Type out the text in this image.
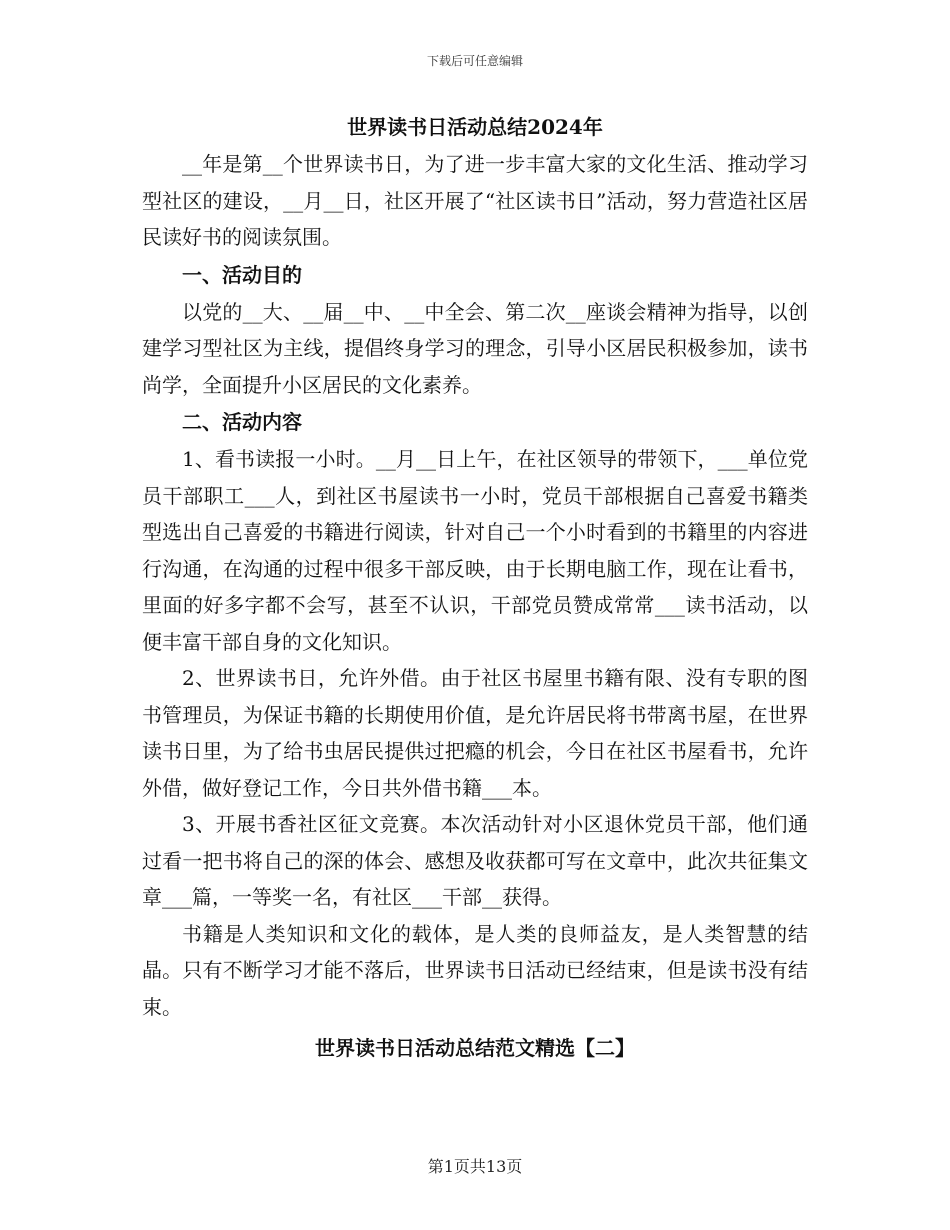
下载后可任意编辑
世界读书日活动总结2024年

__年是第__个世界读书日，为了进一步丰富大家的文化生活、推动学习型社区的建设，__月__日，社区开展了“社区读书日”活动，努力营造社区居民读好书的阅读氛围。

一、活动目的

以党的__大、__届__中、__中全会、第二次__座谈会精神为指导，以创建学习型社区为主线，提倡终身学习的理念，引导小区居民积极参加，读书尚学，全面提升小区居民的文化素养。

二、活动内容

1、看书读报一小时。__月__日上午，在社区领导的带领下，___单位党员干部职工___人，到社区书屋读书一小时，党员干部根据自己喜爱书籍类型选出自己喜爱的书籍进行阅读，针对自己一个小时看到的书籍里的内容进行沟通，在沟通的过程中很多干部反映，由于长期电脑工作，现在让看书，里面的好多字都不会写，甚至不认识，干部党员赞成常常___读书活动，以便丰富干部自身的文化知识。

2、世界读书日，允许外借。由于社区书屋里书籍有限、没有专职的图书管理员，为保证书籍的长期使用价值，是允许居民将书带离书屋，在世界读书日里，为了给书虫居民提供过把瘾的机会，今日在社区书屋看书，允许外借，做好登记工作，今日共外借书籍___本。

3、开展书香社区征文竞赛。本次活动针对小区退休党员干部，他们通过看一把书将自己的深的体会、感想及收获都可写在文章中，此次共征集文章___篇，一等奖一名，有社区___干部__获得。

书籍是人类知识和文化的载体，是人类的良师益友，是人类智慧的结晶。只有不断学习才能不落后，世界读书日活动已经结束，但是读书没有结束。

世界读书日活动总结范文精选【二】
第1页共13页
